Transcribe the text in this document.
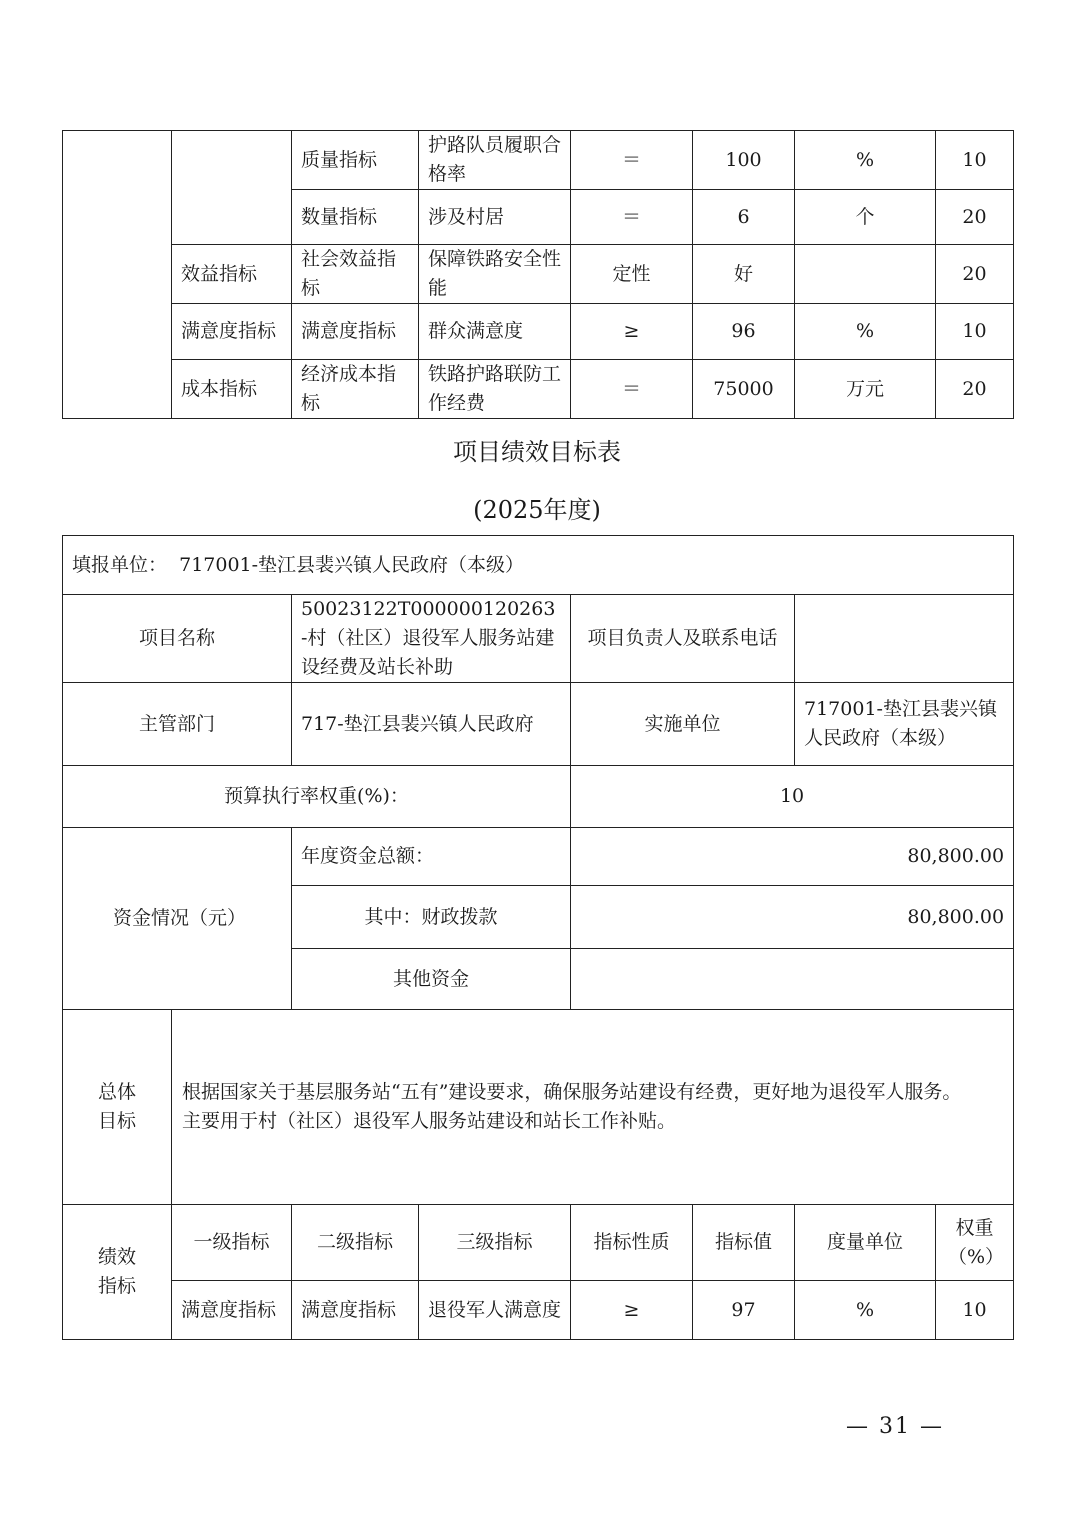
		质量指标	护路队员履职合格率	＝	100	%	10
		数量指标	涉及村居	＝	6	个	20
	效益指标	社会效益指标	保障铁路安全性能	定性	好		20
	满意度指标	满意度指标	群众满意度	≥	96	%	10
	成本指标	经济成本指标	铁路护路联防工作经费	＝	75000	万元	20
项目绩效目标表
(2025年度)
填报单位： 717001-垫江县裴兴镇人民政府（本级）							
项目名称		50023122T000000120263-村（社区）退役军人服务站建设经费及站长补助		项目负责人及联系电话			
主管部门		717-垫江县裴兴镇人民政府		实施单位		717001-垫江县裴兴镇人民政府（本级）	
预算执行率权重(%)：				10			
资金情况（元）		年度资金总额：		80,800.00			
		其中：财政拨款		80,800.00			
		其他资金					
总体目标	根据国家关于基层服务站“五有”建设要求，确保服务站建设有经费，更好地为退役军人服务。
主要用于村（社区）退役军人服务站建设和站长工作补贴。						

绩效指标	一级指标	二级指标	三级指标	指标性质	指标值	度量单位	权重（%）
	满意度指标	满意度指标	退役军人满意度	≥	97	%	10
— 31 —
